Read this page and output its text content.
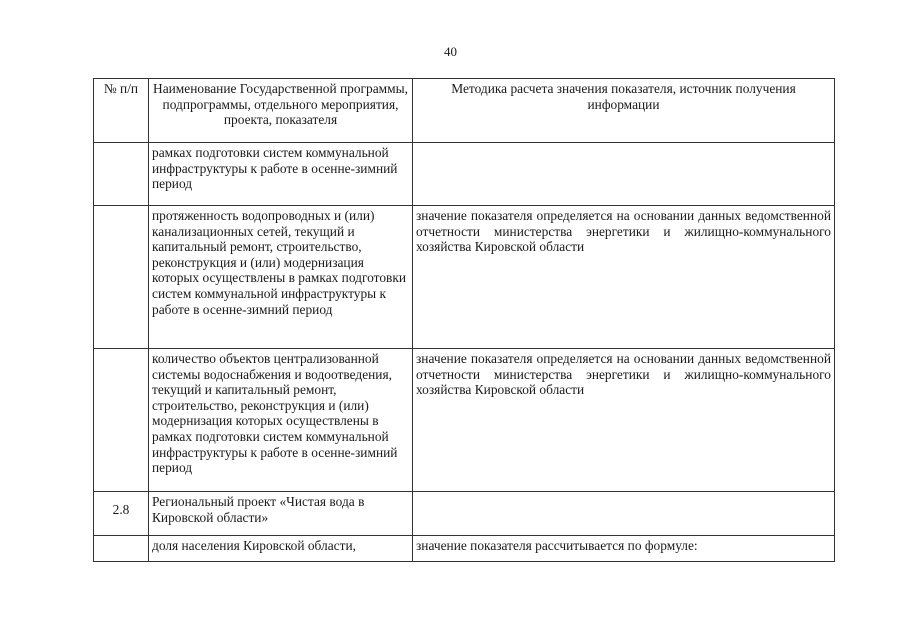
40
№ п/п	Наименование Государственной программы, подпрограммы, отдельного мероприятия, проекта, показателя	Методика расчета значения показателя, источник получения информации
	рамках подготовки систем коммунальной инфраструктуры к работе в осенне-зимний период	
	протяженность водопроводных и (или) канализационных сетей, текущий и капитальный ремонт, строительство, реконструкция и (или) модернизация которых осуществлены в рамках подготовки систем коммунальной инфраструктуры к работе в осенне-зимний период	значение показателя определяется на основании данных ведомственной отчетности министерства энергетики и жилищно-коммунального хозяйства Кировской области
	количество объектов централизованной системы водоснабжения и водоотведения, текущий и капитальный ремонт, строительство, реконструкция и (или) модернизация которых осуществлены в рамках подготовки систем коммунальной инфраструктуры к работе в осенне-зимний период	значение показателя определяется на основании данных ведомственной отчетности министерства энергетики и жилищно-коммунального хозяйства Кировской области
2.8	Региональный проект «Чистая вода в Кировской области»	
	доля населения Кировской области,	значение показателя рассчитывается по формуле:
